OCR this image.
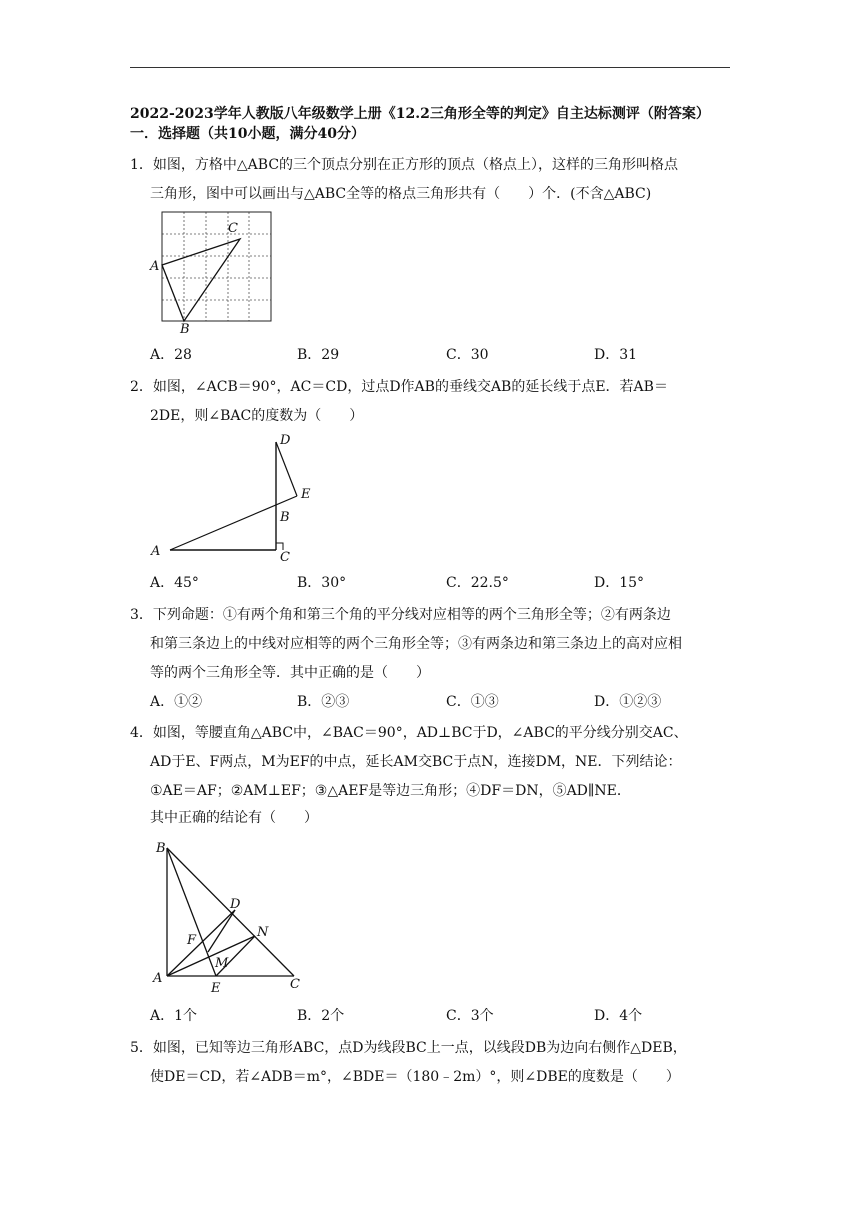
2022-2023学年人教版八年级数学上册《12.2三角形全等的判定》自主达标测评（附答案）
一．选择题（共10小题，满分40分）
1．如图，方格中△ABC的三个顶点分别在正方形的顶点（格点上），这样的三角形叫格点
三角形，图中可以画出与△ABC全等的格点三角形共有（　　）个．(不含△ABC)
A
C
B
A．28	B．29	C．30	D．31
2．如图，∠ACB＝90°，AC＝CD，过点D作AB的垂线交AB的延长线于点E．若AB＝
2DE，则∠BAC的度数为（　　）
A
D
E
B
C
A．45°	B．30°	C．22.5°	D．15°
3．下列命题：①有两个角和第三个角的平分线对应相等的两个三角形全等；②有两条边
和第三条边上的中线对应相等的两个三角形全等；③有两条边和第三条边上的高对应相
等的两个三角形全等．其中正确的是（　　）
A．①②	B．②③	C．①③	D．①②③
4．如图，等腰直角△ABC中，∠BAC＝90°，AD⊥BC于D，∠ABC的平分线分别交AC、
AD于E、F两点，M为EF的中点，延长AM交BC于点N，连接DM，NE．下列结论：
①AE＝AF；②AM⊥EF；③△AEF是等边三角形；④DF＝DN，⑤AD∥NE．
其中正确的结论有（　　）
A
B
C
D
E
F
M
N
A．1个	B．2个	C．3个	D．4个
5．如图，已知等边三角形ABC，点D为线段BC上一点，以线段DB为边向右侧作△DEB，
使DE＝CD，若∠ADB＝m°，∠BDE＝（180﹣2m）°，则∠DBE的度数是（　　）
